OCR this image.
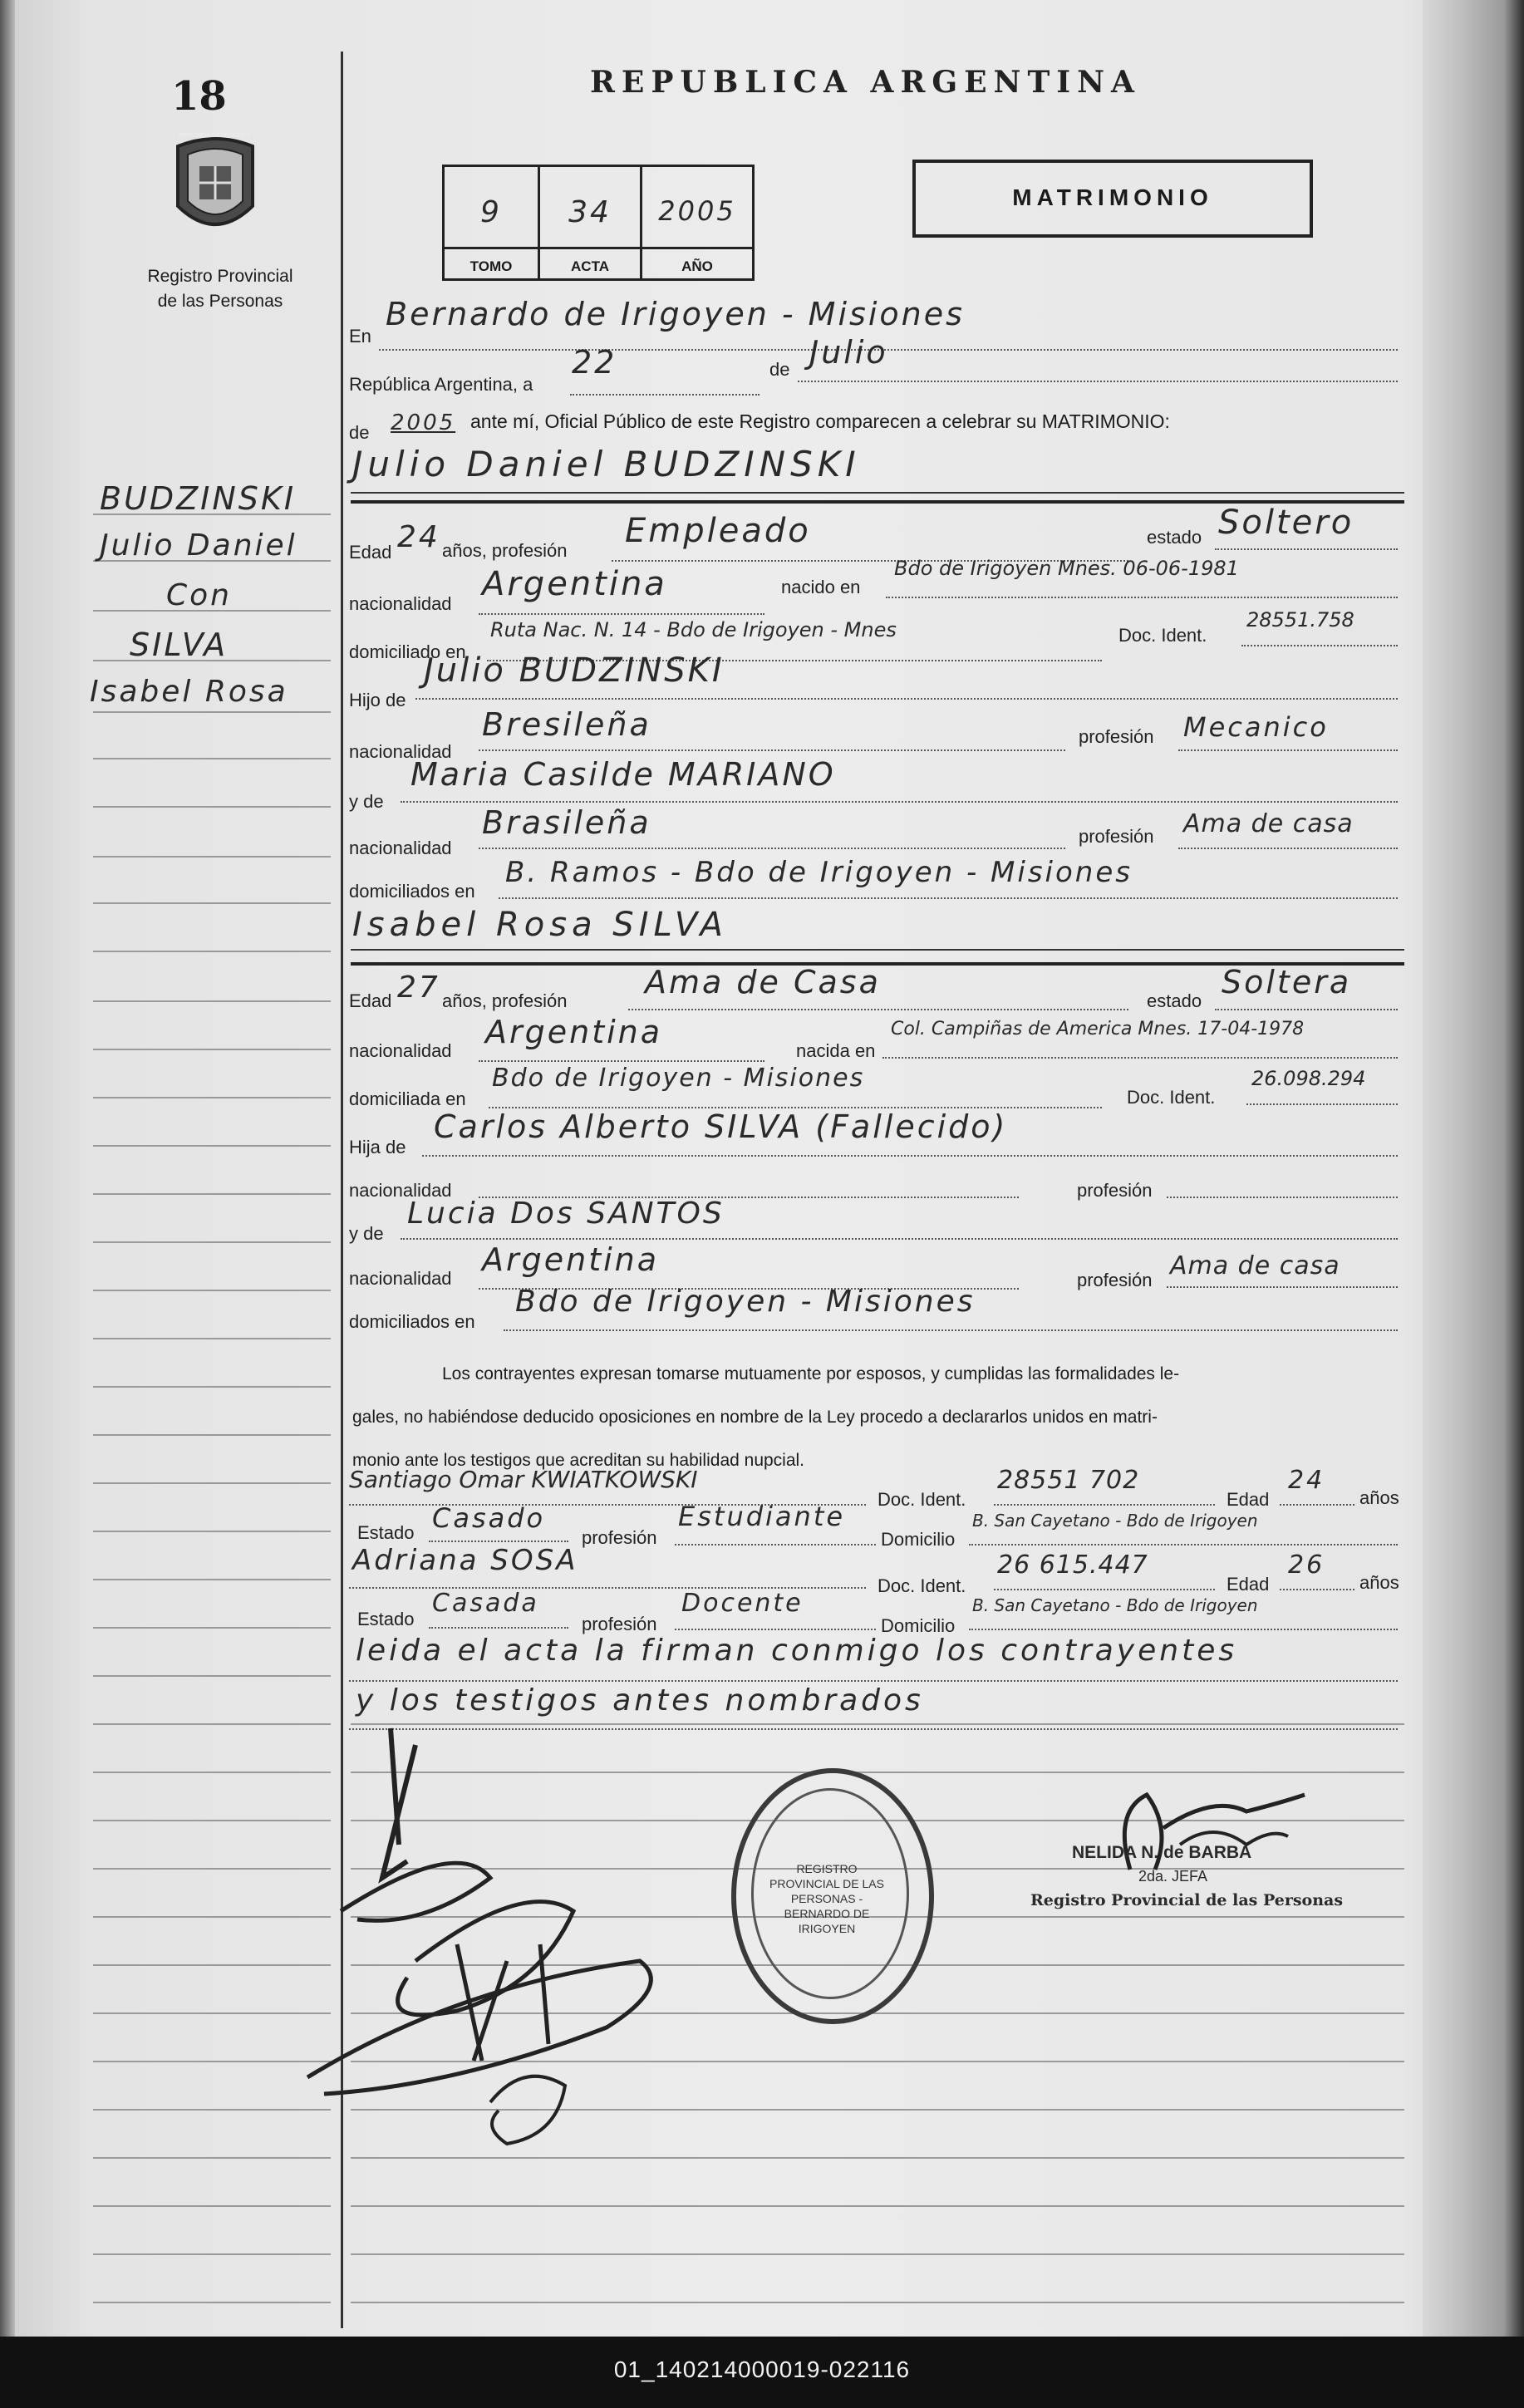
18
PROVINCIA DE MISIONES
Registro Provincial
de las Personas
REPUBLICA ARGENTINA
MATRIMONIO
9
TOMO
34
ACTA
2005
AÑO
BUDZINSKI
Julio Daniel
Con
SILVA
Isabel Rosa
En
Bernardo de Irigoyen - Misiones
República Argentina, a
22	de Julio
de 2005 ante mí, Oficial Público de este Registro comparecen a celebrar su MATRIMONIO:
Julio Daniel BUDZINSKI
Edad 24 años, profesión
Empleado	estado Soltero
nacionalidad
Argentina	nacido en
Bdo de Irigoyen Mnes. 06-06-1981
domiciliado en
Ruta Nac. N. 14 - Bdo de Irigoyen - Mnes	Doc. Ident.
28551.758
Hijo de
Julio BUDZINSKI
nacionalidad
Bresileña	profesión Mecanico
y de
Maria Casilde MARIANO
nacionalidad
Brasileña	profesión Ama de casa
domiciliados en
B. Ramos - Bdo de Irigoyen - Misiones
Isabel Rosa SILVA
Edad 27 años, profesión
Ama de Casa
estado
Soltera
nacionalidad
Argentina
nacida en
Col. Campiñas de America Mnes. 17-04-1978
domiciliada en
Bdo de Irigoyen - Misiones
Doc. Ident.
26.098.294
Hija de
Carlos Alberto SILVA (Fallecido)
nacionalidad	profesión
y de
Lucia Dos SANTOS
nacionalidad
Argentina
profesión Ama de casa
domiciliados en
Bdo de Irigoyen - Misiones
Los contrayentes expresan tomarse mutuamente por esposos, y cumplidas las formalidades le-
gales, no habiéndose deducido oposiciones en nombre de la Ley procedo a declararlos unidos en matri-
monio ante los testigos que acreditan su habilidad nupcial.
Santiago Omar KWIATKOWSKI
Doc. Ident.
28551 702
Edad
24
años
Estado Casado
profesión
Estudiante
Domicilio
B. San Cayetano - Bdo de Irigoyen
Adriana SOSA
Doc. Ident.
26 615.447
Edad
26
años
Estado
Casada
profesión
Docente
Domicilio
B. San Cayetano - Bdo de Irigoyen
leida el acta la firman conmigo los contrayentes
y los testigos antes nombrados
REGISTRO PROVINCIAL DE LAS PERSONAS - BERNARDO DE IRIGOYEN
NELIDA N. de BARBA
2da. JEFA
Registro Provincial de las Personas
01_140214000019-022116
